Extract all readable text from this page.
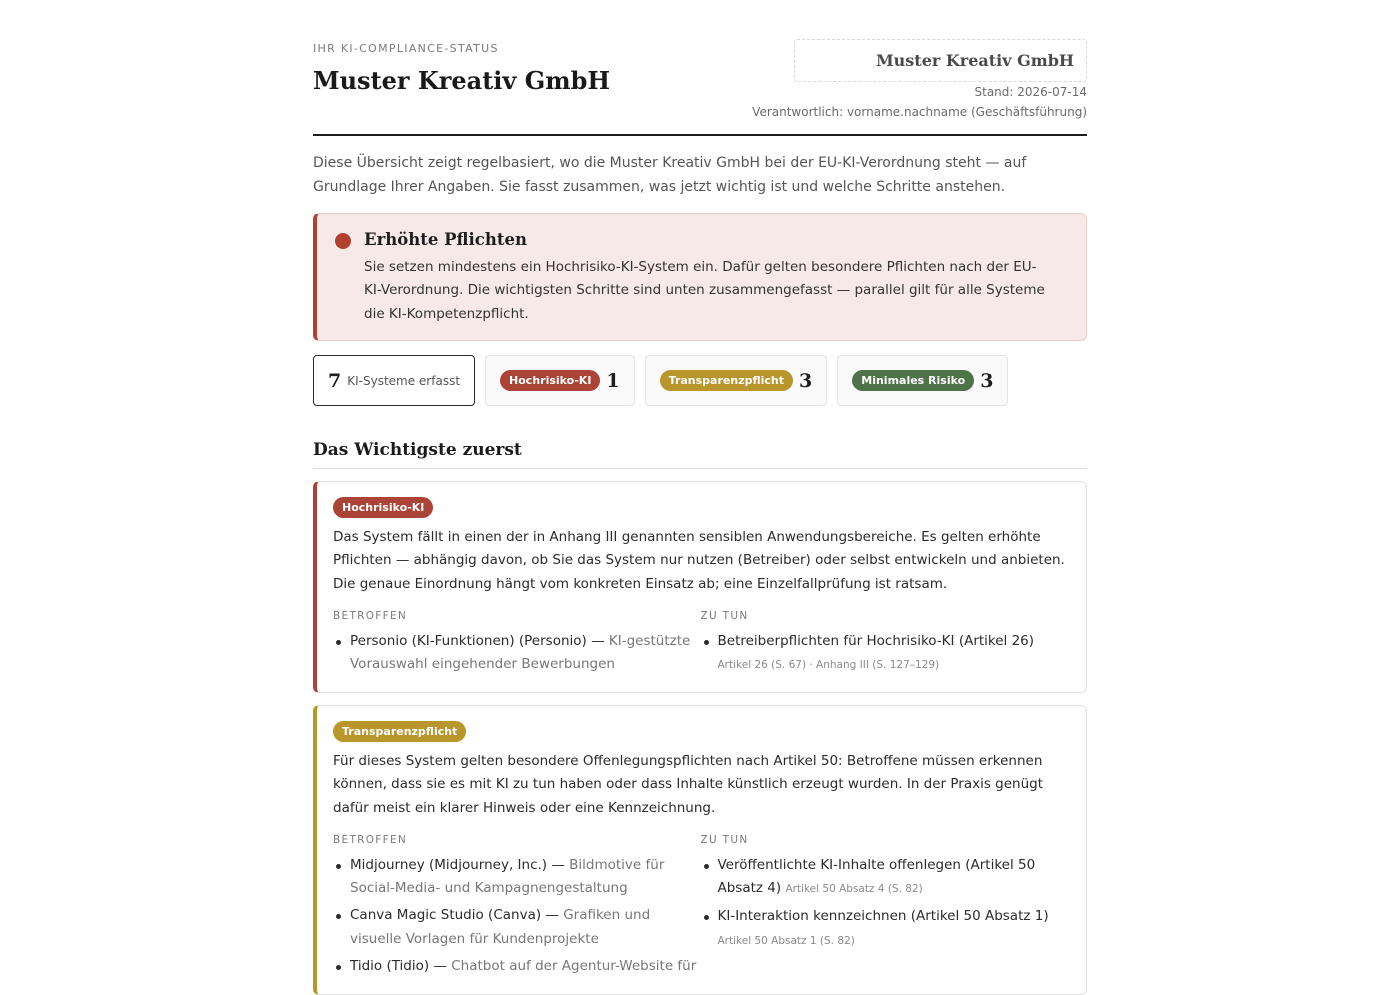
IHR KI-COMPLIANCE-STATUS
Muster Kreativ GmbH
Muster Kreativ GmbH
Stand: 2026-07-14
Verantwortlich: vorname.nachname (Geschäftsführung)

Diese Übersicht zeigt regelbasiert, wo die Muster Kreativ GmbH bei der EU-KI-Verordnung steht — auf Grundlage Ihrer Angaben. Sie fasst zusammen, was jetzt wichtig ist und welche Schritte anstehen.

Erhöhte Pflichten
Sie setzen mindestens ein Hochrisiko-KI-System ein. Dafür gelten besondere Pflichten nach der EU-KI-Verordnung. Die wichtigsten Schritte sind unten zusammengefasst — parallel gilt für alle Systeme die KI-Kompetenzpflicht.
7 KI-Systeme erfasst	Hochrisiko-KI 1	Transparenzpflicht 3	Minimales Risiko 3
Das Wichtigste zuerst
Hochrisiko-KI

Das System fällt in einen der in Anhang III genannten sensiblen Anwendungsbereiche. Es gelten erhöhte Pflichten — abhängig davon, ob Sie das System nur nutzen (Betreiber) oder selbst entwickeln und anbieten. Die genaue Einordnung hängt vom konkreten Einsatz ab; eine Einzelfallprüfung ist ratsam.

BETROFFEN
Personio (KI-Funktionen) (Personio) — KI-gestützte Vorauswahl eingehender Bewerbungen
ZU TUN
Betreiberpflichten für Hochrisiko-KI (Artikel 26) Artikel 26 (S. 67) · Anhang III (S. 127–129)
Transparenzpflicht

Für dieses System gelten besondere Offenlegungspflichten nach Artikel 50: Betroffene müssen erkennen können, dass sie es mit KI zu tun haben oder dass Inhalte künstlich erzeugt wurden. In der Praxis genügt dafür meist ein klarer Hinweis oder eine Kennzeichnung.

BETROFFEN
Midjourney (Midjourney, Inc.) — Bildmotive für Social-Media- und Kampagnengestaltung
Canva Magic Studio (Canva) — Grafiken und visuelle Vorlagen für Kundenprojekte
Tidio (Tidio) — Chatbot auf der Agentur-Website für
ZU TUN
Veröffentlichte KI-Inhalte offenlegen (Artikel 50 Absatz 4) Artikel 50 Absatz 4 (S. 82)
KI-Interaktion kennzeichnen (Artikel 50 Absatz 1) Artikel 50 Absatz 1 (S. 82)
